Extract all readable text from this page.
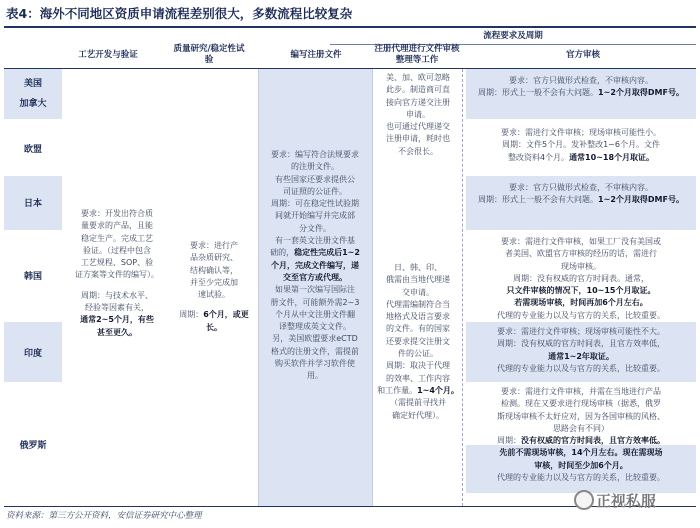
表4：海外不同地区资质申请流程差别很大，多数流程比较复杂
流程要求及周期
工艺开发与验证
质量研究/稳定性试验	编写注册文件
注册代理进行文件审核整理等工作	官方审核
美国
加拿大
欧盟
日本
韩国
印度
俄罗斯
要求：开发出符合质
量要求的产品，且能
稳定生产。完成工艺
验证。（过程中包含
工艺规程、SOP、验
证方案等文件的编写）。
周期：与技术水平、
经验等因素有关，
通常2~5个月，有些
甚至更久。
要求：进行产
品杂质研究、
结构确认等，
并至少完成加
速试验。
周期：6个月，或更长。
要求：编写符合法规要求
的注册文件。
有些国家还要求提供公
司证照的公证件。
周期：可在稳定性试验期
间就开始编写并完成部
分文件。
有一套英文注册文件基
础的，稳定性完成后1~2
个月，完成文件编写，递
交至官方或代理。
如果第一次编写国际注
册文件，可能额外需2~3
个月从中文注册文件翻
译整理成英文文件。
另，美国欧盟要求eCTD
格式的注册文件，需提前
购买软件并学习软件使
用。
美、加、欧可忽略
此步。制造商可直
接向官方递交注册
申请。
也可通过代理递交
注册申请，耗时也
不会很长。
日、韩、印、
俄需由当地代理递
交申请。
代理需编制符合当
地格式及语言要求
的文件。有的国家
还要求提交注册文
件的公证。
周期：取决于代理
的效率、工作内容
和工作量。1~4个月。
（需提前寻找并
确定好代理）。
要求：官方只做形式检查，不审核内容。
周期：形式上一般不会有大问题。1~2个月取得DMF号。
要求：需进行文件审核；现场审核可能性小。
周期：文件5个月。发补整改1~6个月。文件
整改资料4个月。通常10~18个月取证。
要求：官方只做形式检查，不审核内容。
周期：形式上一般不会有大问题。1~2个月取得DMF号。
要求：需进行文件审核，如果工厂没有美国或
者美国、欧盟官方审核的经历的话，需进行
现场审核。
周期：没有权威的官方时间表。通常，
只文件审核的情况下，10~15个月取证。
若需现场审核，时间再加6个月左右。
代理的专业能力以及与官方的关系，比较重要。
要求：需进行文件审核；现场审核可能性不大。
周期：没有权威的官方时间表，且官方效率低，
通常1~2年取证。
代理的专业能力以及与官方的关系，比较重要。
要求：需进行文件审核，并需在当地进行产品
检测。现在又要求进行现场审核（据悉，俄罗
斯现场审核不太好应对，因为各国审核的风格、
思路会有不同）
周期：没有权威的官方时间表，且官方效率低。
先前不需现场审核，14个月左右。现在需现场
审核，时间至少加6个月。
代理的专业能力以及与官方的关系，比较重要。
资料来源：第三方公开资料，安信证券研究中心整理
正视私服
